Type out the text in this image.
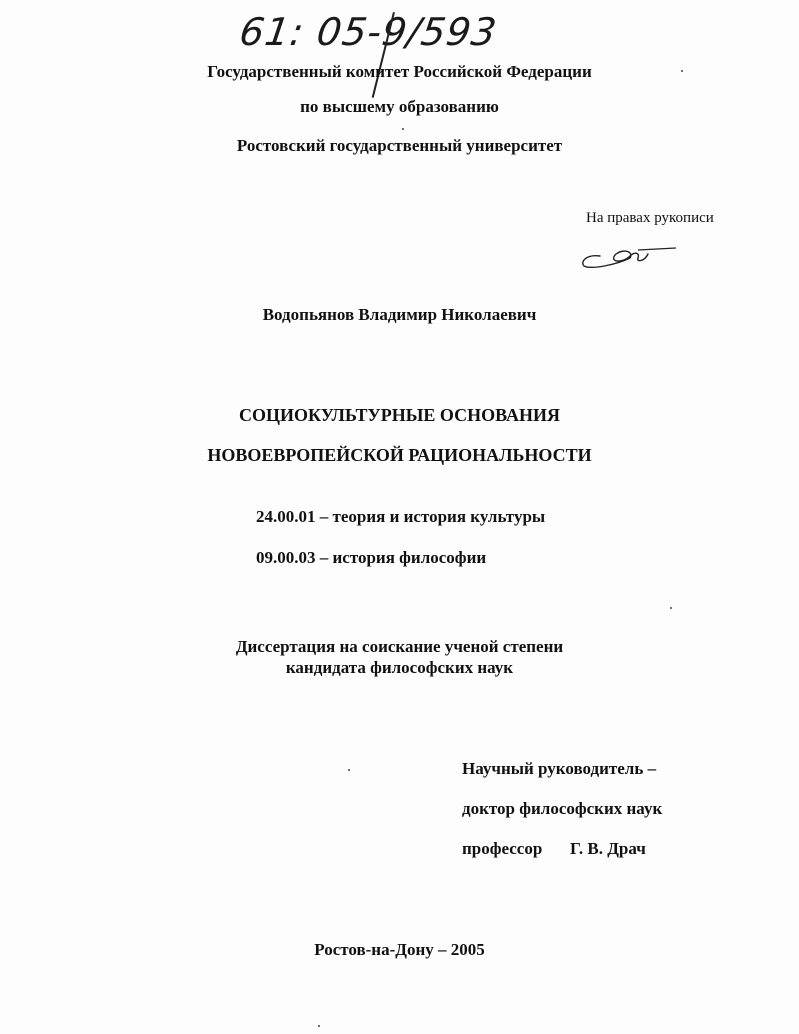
61: 05-9/593
Государственный комитет Российской Федерации
по высшему образованию
Ростовский государственный университет
На правах рукописи
Водопьянов Владимир Николаевич
СОЦИОКУЛЬТУРНЫЕ ОСНОВАНИЯ
НОВОЕВРОПЕЙСКОЙ РАЦИОНАЛЬНОСТИ
24.00.01 – теория и история культуры
09.00.03 – история философии
Диссертация на соискание ученой степени
кандидата философских наук
Научный руководитель –
доктор философских наук
профессор Г. В. Драч
Ростов-на-Дону – 2005
